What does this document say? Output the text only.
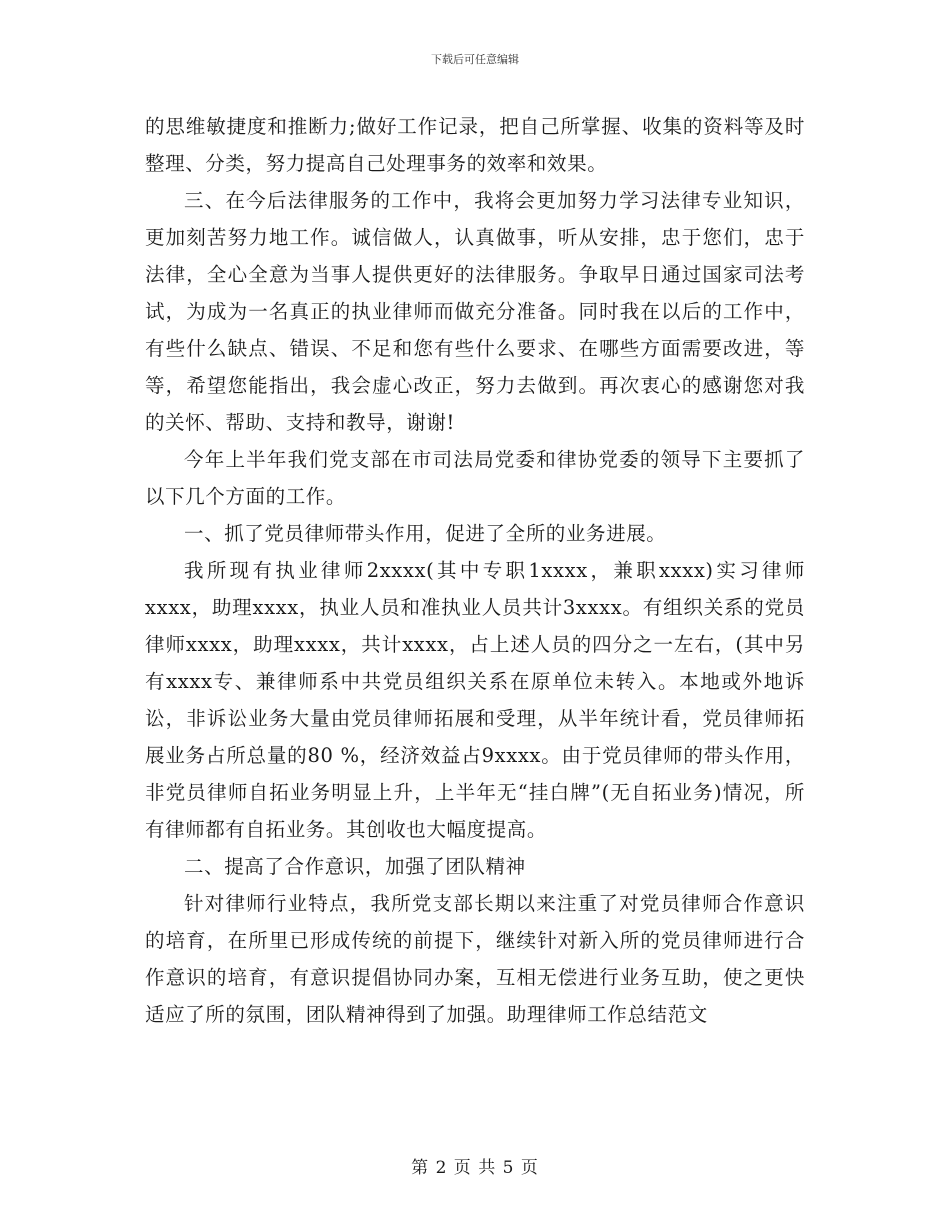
下载后可任意编辑

的思维敏捷度和推断力;做好工作记录，把自己所掌握、收集的资料等及时整理、分类，努力提高自己处理事务的效率和效果。

三、在今后法律服务的工作中，我将会更加努力学习法律专业知识，更加刻苦努力地工作。诚信做人，认真做事，听从安排，忠于您们，忠于法律，全心全意为当事人提供更好的法律服务。争取早日通过国家司法考试，为成为一名真正的执业律师而做充分准备。同时我在以后的工作中，有些什么缺点、错误、不足和您有些什么要求、在哪些方面需要改进，等等，希望您能指出，我会虚心改正，努力去做到。再次衷心的感谢您对我的关怀、帮助、支持和教导，谢谢!

今年上半年我们党支部在市司法局党委和律协党委的领导下主要抓了以下几个方面的工作。

一、抓了党员律师带头作用，促进了全所的业务进展。

我所现有执业律师2xxxx(其中专职1xxxx，兼职xxxx)实习律师xxxx，助理xxxx，执业人员和准执业人员共计3xxxx。有组织关系的党员律师xxxx，助理xxxx，共计xxxx，占上述人员的四分之一左右，(其中另有xxxx专、兼律师系中共党员组织关系在原单位未转入。本地或外地诉讼，非诉讼业务大量由党员律师拓展和受理，从半年统计看，党员律师拓展业务占所总量的80 %，经济效益占9xxxx。由于党员律师的带头作用，非党员律师自拓业务明显上升，上半年无“挂白牌”(无自拓业务)情况，所有律师都有自拓业务。其创收也大幅度提高。

二、提高了合作意识，加强了团队精神

针对律师行业特点，我所党支部长期以来注重了对党员律师合作意识的培育，在所里已形成传统的前提下，继续针对新入所的党员律师进行合作意识的培育，有意识提倡协同办案，互相无偿进行业务互助，使之更快适应了所的氛围，团队精神得到了加强。助理律师工作总结范文

第 2 页 共 5 页
